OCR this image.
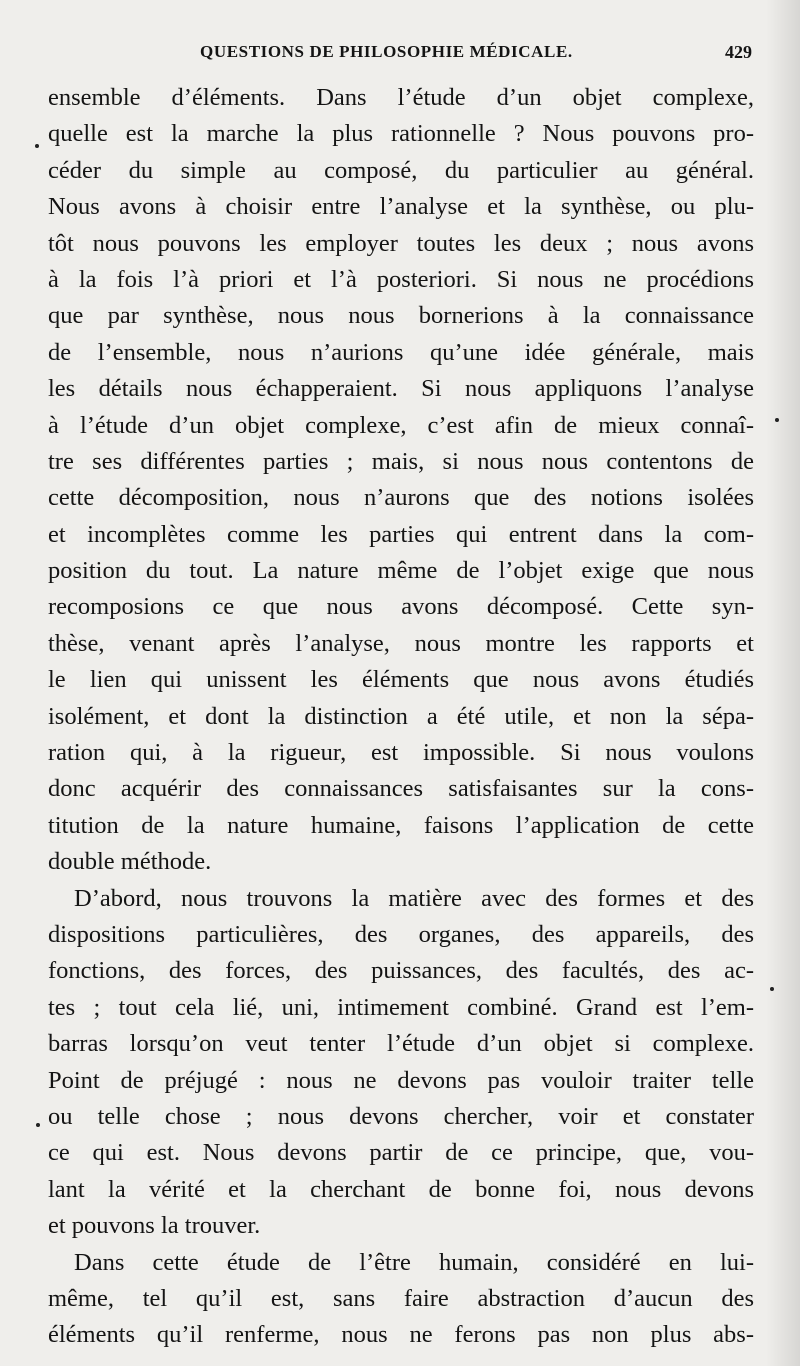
QUESTIONS DE PHILOSOPHIE MÉDICALE.	429
ensemble d’éléments. Dans l’étude d’un objet complexe,
quelle est la marche la plus rationnelle ? Nous pouvons pro-
céder du simple au composé, du particulier au général.
Nous avons à choisir entre l’analyse et la synthèse, ou plu-
tôt nous pouvons les employer toutes les deux ; nous avons
à la fois l’à priori et l’à posteriori. Si nous ne procédions
que par synthèse, nous nous bornerions à la connaissance
de l’ensemble, nous n’aurions qu’une idée générale, mais
les détails nous échapperaient. Si nous appliquons l’analyse
à l’étude d’un objet complexe, c’est afin de mieux connaî-
tre ses différentes parties ; mais, si nous nous contentons de
cette décomposition, nous n’aurons que des notions isolées
et incomplètes comme les parties qui entrent dans la com-
position du tout. La nature même de l’objet exige que nous
recomposions ce que nous avons décomposé. Cette syn-
thèse, venant après l’analyse, nous montre les rapports et
le lien qui unissent les éléments que nous avons étudiés
isolément, et dont la distinction a été utile, et non la sépa-
ration qui, à la rigueur, est impossible. Si nous voulons
donc acquérir des connaissances satisfaisantes sur la cons-
titution de la nature humaine, faisons l’application de cette
double méthode.
D’abord, nous trouvons la matière avec des formes et des
dispositions particulières, des organes, des appareils, des
fonctions, des forces, des puissances, des facultés, des ac-
tes ; tout cela lié, uni, intimement combiné. Grand est l’em-
barras lorsqu’on veut tenter l’étude d’un objet si complexe.
Point de préjugé : nous ne devons pas vouloir traiter telle
ou telle chose ; nous devons chercher, voir et constater
ce qui est. Nous devons partir de ce principe, que, vou-
lant la vérité et la cherchant de bonne foi, nous devons
et pouvons la trouver.
Dans cette étude de l’être humain, considéré en lui-
même, tel qu’il est, sans faire abstraction d’aucun des
éléments qu’il renferme, nous ne ferons pas non plus abs-
